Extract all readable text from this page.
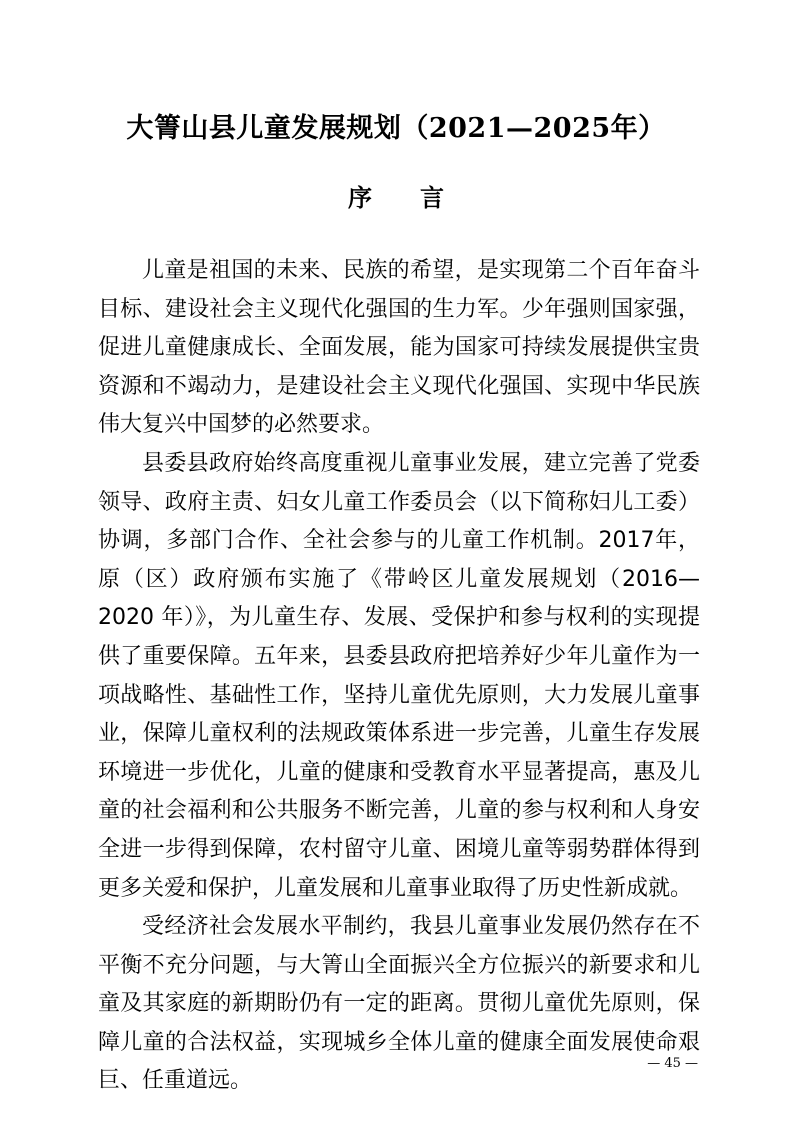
大箐山县儿童发展规划（2021—2025年）
序言

儿童是祖国的未来、民族的希望，是实现第二个百年奋斗目标、建设社会主义现代化强国的生力军。少年强则国家强，促进儿童健康成长、全面发展，能为国家可持续发展提供宝贵资源和不竭动力，是建设社会主义现代化强国、实现中华民族伟大复兴中国梦的必然要求。

县委县政府始终高度重视儿童事业发展，建立完善了党委领导、政府主责、妇女儿童工作委员会（以下简称妇儿工委）协调，多部门合作、全社会参与的儿童工作机制。2017年，原（区）政府颁布实施了《带岭区儿童发展规划（2016—2020 年）》，为儿童生存、发展、受保护和参与权利的实现提供了重要保障。五年来，县委县政府把培养好少年儿童作为一项战略性、基础性工作，坚持儿童优先原则，大力发展儿童事业，保障儿童权利的法规政策体系进一步完善，儿童生存发展环境进一步优化，儿童的健康和受教育水平显著提高，惠及儿童的社会福利和公共服务不断完善，儿童的参与权利和人身安全进一步得到保障，农村留守儿童、困境儿童等弱势群体得到更多关爱和保护，儿童发展和儿童事业取得了历史性新成就。

受经济社会发展水平制约，我县儿童事业发展仍然存在不平衡不充分问题，与大箐山全面振兴全方位振兴的新要求和儿童及其家庭的新期盼仍有一定的距离。贯彻儿童优先原则，保障儿童的合法权益，实现城乡全体儿童的健康全面发展使命艰巨、任重道远。

— 45 —
